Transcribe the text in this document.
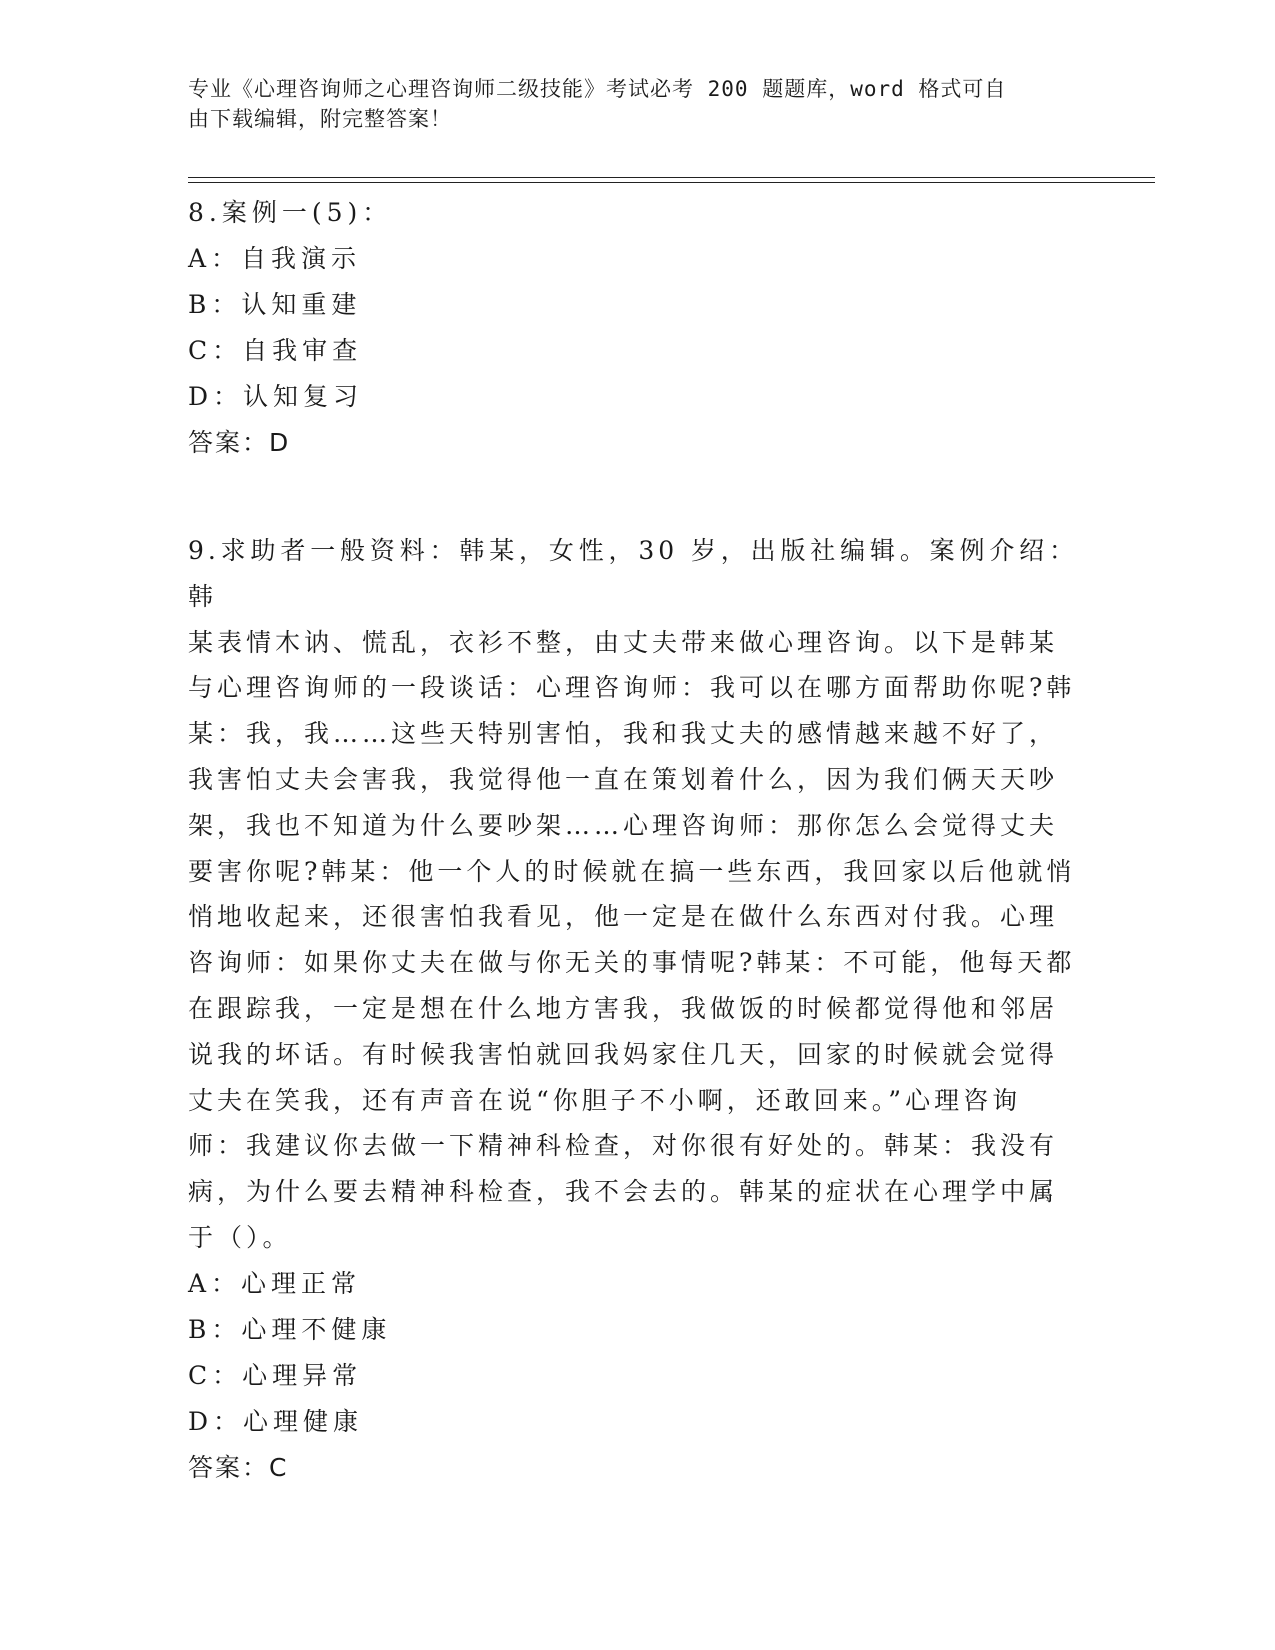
专业《心理咨询师之心理咨询师二级技能》考试必考 200 题题库，word 格式可自
由下载编辑，附完整答案！
8.案例一(5)：
A：自我演示
B：认知重建
C：自我审查
D：认知复习
答案：D
9.求助者一般资料：韩某，女性，30 岁，出版社编辑。案例介绍：韩
某表情木讷、慌乱，衣衫不整，由丈夫带来做心理咨询。以下是韩某
与心理咨询师的一段谈话：心理咨询师：我可以在哪方面帮助你呢?韩
某：我，我……这些天特别害怕，我和我丈夫的感情越来越不好了，
我害怕丈夫会害我，我觉得他一直在策划着什么，因为我们俩天天吵
架，我也不知道为什么要吵架……心理咨询师：那你怎么会觉得丈夫
要害你呢?韩某：他一个人的时候就在搞一些东西，我回家以后他就悄
悄地收起来，还很害怕我看见，他一定是在做什么东西对付我。心理
咨询师：如果你丈夫在做与你无关的事情呢?韩某：不可能，他每天都
在跟踪我，一定是想在什么地方害我，我做饭的时候都觉得他和邻居
说我的坏话。有时候我害怕就回我妈家住几天，回家的时候就会觉得
丈夫在笑我，还有声音在说“你胆子不小啊，还敢回来。”心理咨询
师：我建议你去做一下精神科检查，对你很有好处的。韩某：我没有
病，为什么要去精神科检查，我不会去的。韩某的症状在心理学中属
于（）。
A：心理正常
B：心理不健康
C：心理异常
D：心理健康
答案：C
